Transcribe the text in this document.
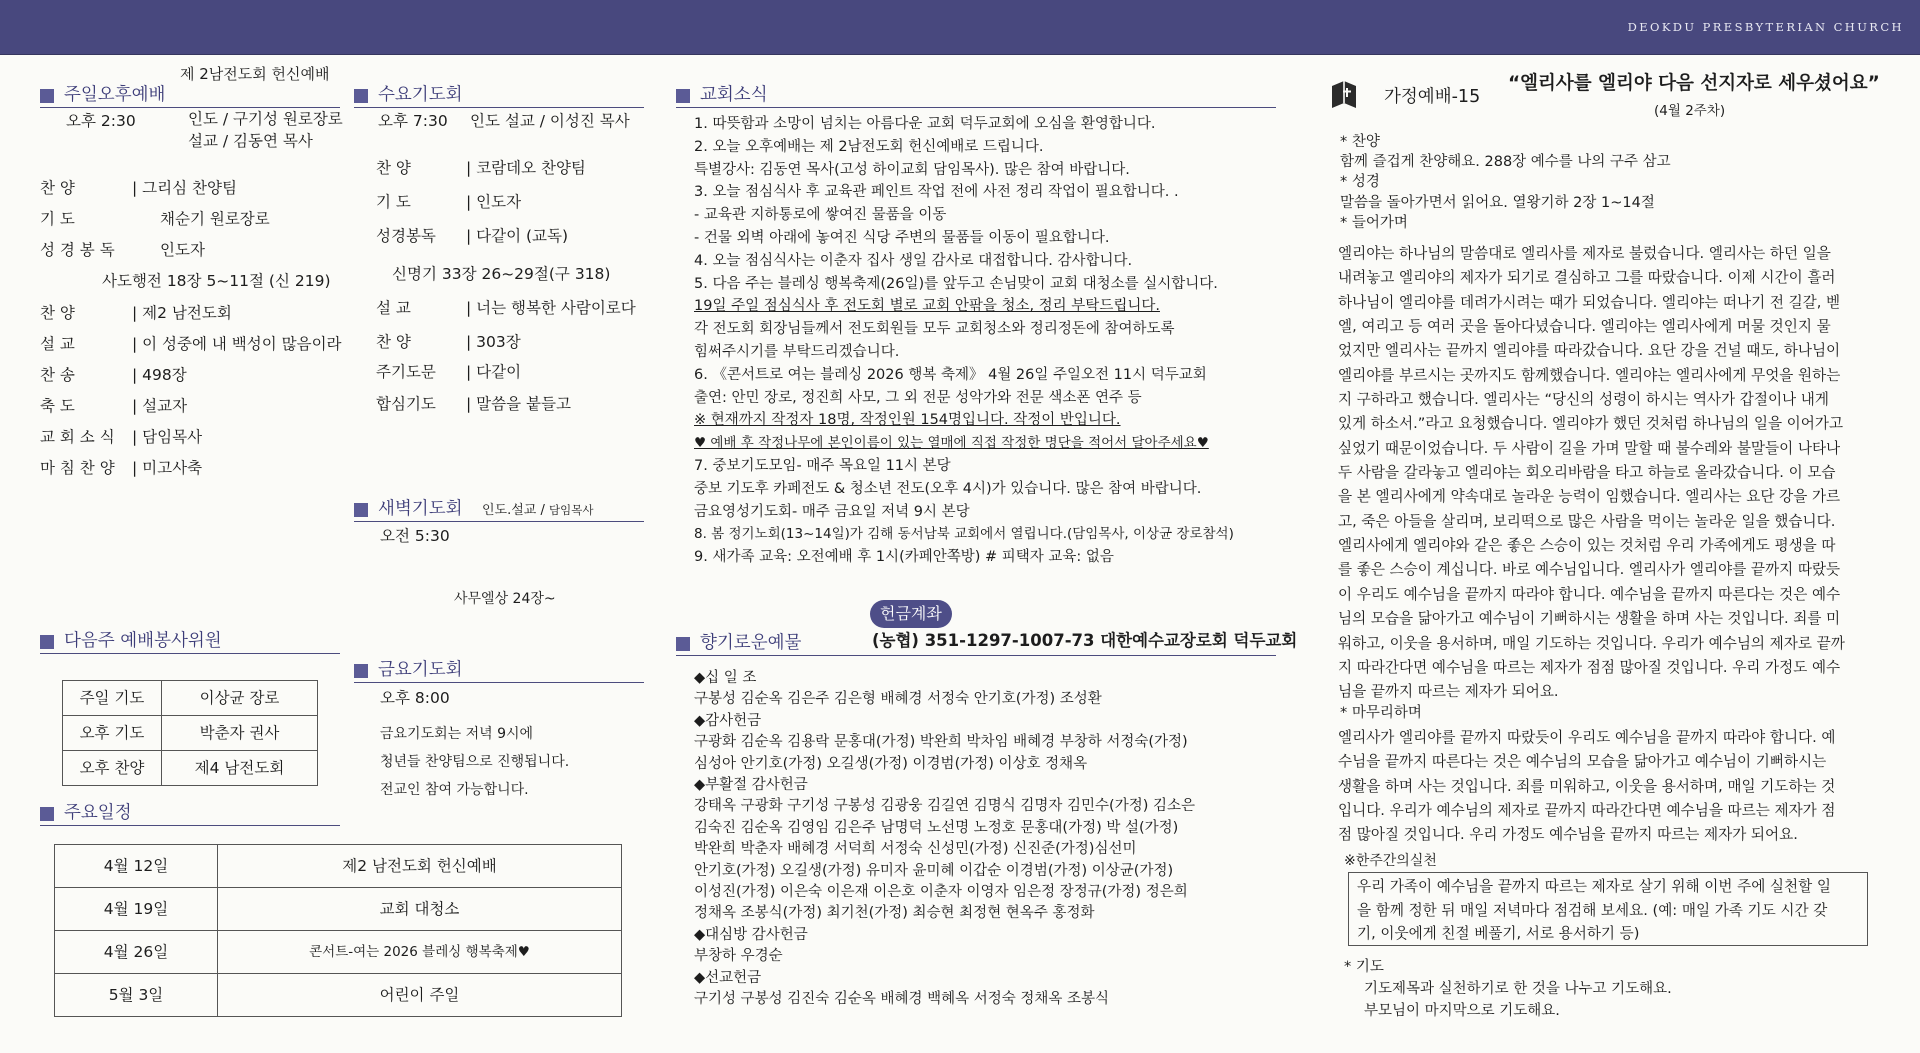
DEOKDU PRESBYTERIAN CHURCH
제 2남전도회 헌신예배
주일오후예배
오후 2:30	인도 / 구기성 원로장로
설교 / 김동연 목사
찬 양	| 그리심 찬양팀
기 도	채순기 원로장로
성 경 봉 독	인도자
사도행전 18장 5~11절 (신 219)
찬 양	| 제2 남전도회
설 교	| 이 성중에 내 백성이 많음이라
찬 송	| 498장
축 도	| 설교자
교 회 소 식 | 담임목사
마 침 찬 양 | 미고사축
다음주 예배봉사위원
주일 기도	이상균 장로
오후 기도	박춘자 권사
오후 찬양	제4 남전도회
주요일정
4월 12일	제2 남전도회 헌신예배
4월 19일	교회 대청소
4월 26일	콘서트-여는 2026 블레싱 행복축제♥
5월 3일	어린이 주일
수요기도회
오후 7:30 인도 설교 / 이성진 목사
찬 양	| 코람데오 찬양팀
기 도	| 인도자
성경봉독 | 다같이 (교독)
신명기 33장 26~29절(구 318)
설 교	| 너는 행복한 사람이로다
찬 양	| 303장
주기도문 | 다같이
합심기도 | 말씀을 붙들고
새벽기도회 인도.설교 / 담임목사
오전 5:30
사무엘상 24장~
금요기도회
오후 8:00
금요기도회는 저녁 9시에
청년들 찬양팀으로 진행됩니다.
전교인 참여 가능합니다.
교회소식
1. 따뜻함과 소망이 넘치는 아름다운 교회 덕두교회에 오심을 환영합니다.
2. 오늘 오후예배는 제 2남전도회 헌신예배로 드립니다.
특별강사: 김동연 목사(고성 하이교회 담임목사). 많은 참여 바랍니다.
3. 오늘 점심식사 후 교육관 페인트 작업 전에 사전 정리 작업이 필요합니다. .
- 교육관 지하통로에 쌓여진 물품을 이동
- 건물 외벽 아래에 놓여진 식당 주변의 물품들 이동이 필요합니다.
4. 오늘 점심식사는 이춘자 집사 생일 감사로 대접합니다. 감사합니다.
5. 다음 주는 블레싱 행복축제(26일)를 앞두고 손님맞이 교회 대청소를 실시합니다.
19일 주일 점심식사 후 전도회 별로 교회 안팎을 청소, 정리 부탁드립니다.
각 전도회 회장님들께서 전도회원들 모두 교회청소와 정리정돈에 참여하도록
힘써주시기를 부탁드리겠습니다.
6. 《콘서트로 여는 블레싱 2026 행복 축제》 4월 26일 주일오전 11시 덕두교회
출연: 안민 장로, 정진희 사모, 그 외 전문 성악가와 전문 색소폰 연주 등
※ 현재까지 작정자 18명, 작정인원 154명입니다. 작정이 반입니다.
♥ 예배 후 작정나무에 본인이름이 있는 열매에 직접 작정한 명단을 적어서 달아주세요♥
7. 중보기도모임- 매주 목요일 11시 본당
중보 기도후 카페전도 & 청소년 전도(오후 4시)가 있습니다. 많은 참여 바랍니다.
금요영성기도회- 매주 금요일 저녁 9시 본당
8. 봄 정기노회(13~14일)가 김해 동서남북 교회에서 열립니다.(담임목사, 이상균 장로참석)
9. 새가족 교육: 오전예배 후 1시(카페안쪽방) # 피택자 교육: 없음
헌금계좌
향기로운예물	(농협) 351-1297-1007-73 대한예수교장로회 덕두교회
◆십 일 조
구봉성 김순옥 김은주 김은형 배혜경 서정숙 안기호(가정) 조성환
◆감사헌금
구광화 김순옥 김용락 문홍대(가정) 박완희 박차임 배혜경 부창하 서정숙(가정)
심성아 안기호(가정) 오길생(가정) 이경범(가정) 이상호 정채옥
◆부활절 감사헌금
강태옥 구광화 구기성 구봉성 김광웅 김길연 김명식 김명자 김민수(가정) 김소은
김숙진 김순옥 김영임 김은주 남명덕 노선명 노정호 문홍대(가정) 박 설(가정)
박완희 박춘자 배혜경 서덕희 서정숙 신성민(가정) 신진준(가정)심선미
안기호(가정) 오길생(가정) 유미자 윤미혜 이갑순 이경범(가정) 이상균(가정)
이성진(가정) 이은숙 이은재 이은호 이춘자 이영자 임은정 장정규(가정) 정은희
정채옥 조봉식(가정) 최기천(가정) 최승현 최정현 현옥주 홍정화
◆대심방 감사헌금
부창하 우경순
◆선교헌금
구기성 구봉성 김진숙 김순옥 배혜경 백혜옥 서정숙 정채옥 조봉식
가정예배-15
“엘리사를 엘리야 다음 선지자로 세우셨어요”
(4월 2주차)
* 찬양
함께 즐겁게 찬양해요. 288장 예수를 나의 구주 삼고
* 성경
말씀을 돌아가면서 읽어요. 열왕기하 2장 1~14절
* 들어가며
엘리야는 하나님의 말씀대로 엘리사를 제자로 불렀습니다. 엘리사는 하던 일을
내려놓고 엘리야의 제자가 되기로 결심하고 그를 따랐습니다. 이제 시간이 흘러
하나님이 엘리야를 데려가시려는 때가 되었습니다. 엘리야는 떠나기 전 길갈, 벧
엘, 여리고 등 여러 곳을 돌아다녔습니다. 엘리야는 엘리사에게 머물 것인지 물
었지만 엘리사는 끝까지 엘리야를 따라갔습니다. 요단 강을 건널 때도, 하나님이
엘리야를 부르시는 곳까지도 함께했습니다. 엘리야는 엘리사에게 무엇을 원하는
지 구하라고 했습니다. 엘리사는 “당신의 성령이 하시는 역사가 갑절이나 내게
있게 하소서.”라고 요청했습니다. 엘리야가 했던 것처럼 하나님의 일을 이어가고
싶었기 때문이었습니다. 두 사람이 길을 가며 말할 때 불수레와 불말들이 나타나
두 사람을 갈라놓고 엘리야는 회오리바람을 타고 하늘로 올라갔습니다. 이 모습
을 본 엘리사에게 약속대로 놀라운 능력이 임했습니다. 엘리사는 요단 강을 가르
고, 죽은 아들을 살리며, 보리떡으로 많은 사람을 먹이는 놀라운 일을 했습니다.
엘리사에게 엘리야와 같은 좋은 스승이 있는 것처럼 우리 가족에게도 평생을 따
를 좋은 스승이 계십니다. 바로 예수님입니다. 엘리사가 엘리야를 끝까지 따랐듯
이 우리도 예수님을 끝까지 따라야 합니다. 예수님을 끝까지 따른다는 것은 예수
님의 모습을 닮아가고 예수님이 기뻐하시는 생활을 하며 사는 것입니다. 죄를 미
워하고, 이웃을 용서하며, 매일 기도하는 것입니다. 우리가 예수님의 제자로 끝까
지 따라간다면 예수님을 따르는 제자가 점점 많아질 것입니다. 우리 가정도 예수
님을 끝까지 따르는 제자가 되어요.
* 마무리하며
엘리사가 엘리야를 끝까지 따랐듯이 우리도 예수님을 끝까지 따라야 합니다. 예
수님을 끝까지 따른다는 것은 예수님의 모습을 닮아가고 예수님이 기뻐하시는
생활을 하며 사는 것입니다. 죄를 미워하고, 이웃을 용서하며, 매일 기도하는 것
입니다. 우리가 예수님의 제자로 끝까지 따라간다면 예수님을 따르는 제자가 점
점 많아질 것입니다. 우리 가정도 예수님을 끝까지 따르는 제자가 되어요.
※한주간의실천
우리 가족이 예수님을 끝까지 따르는 제자로 살기 위해 이번 주에 실천할 일
을 함께 정한 뒤 매일 저녁마다 점검해 보세요. (예: 매일 가족 기도 시간 갖
기, 이웃에게 친절 베풀기, 서로 용서하기 등)
* 기도
기도제목과 실천하기로 한 것을 나누고 기도해요.
부모님이 마지막으로 기도해요.
